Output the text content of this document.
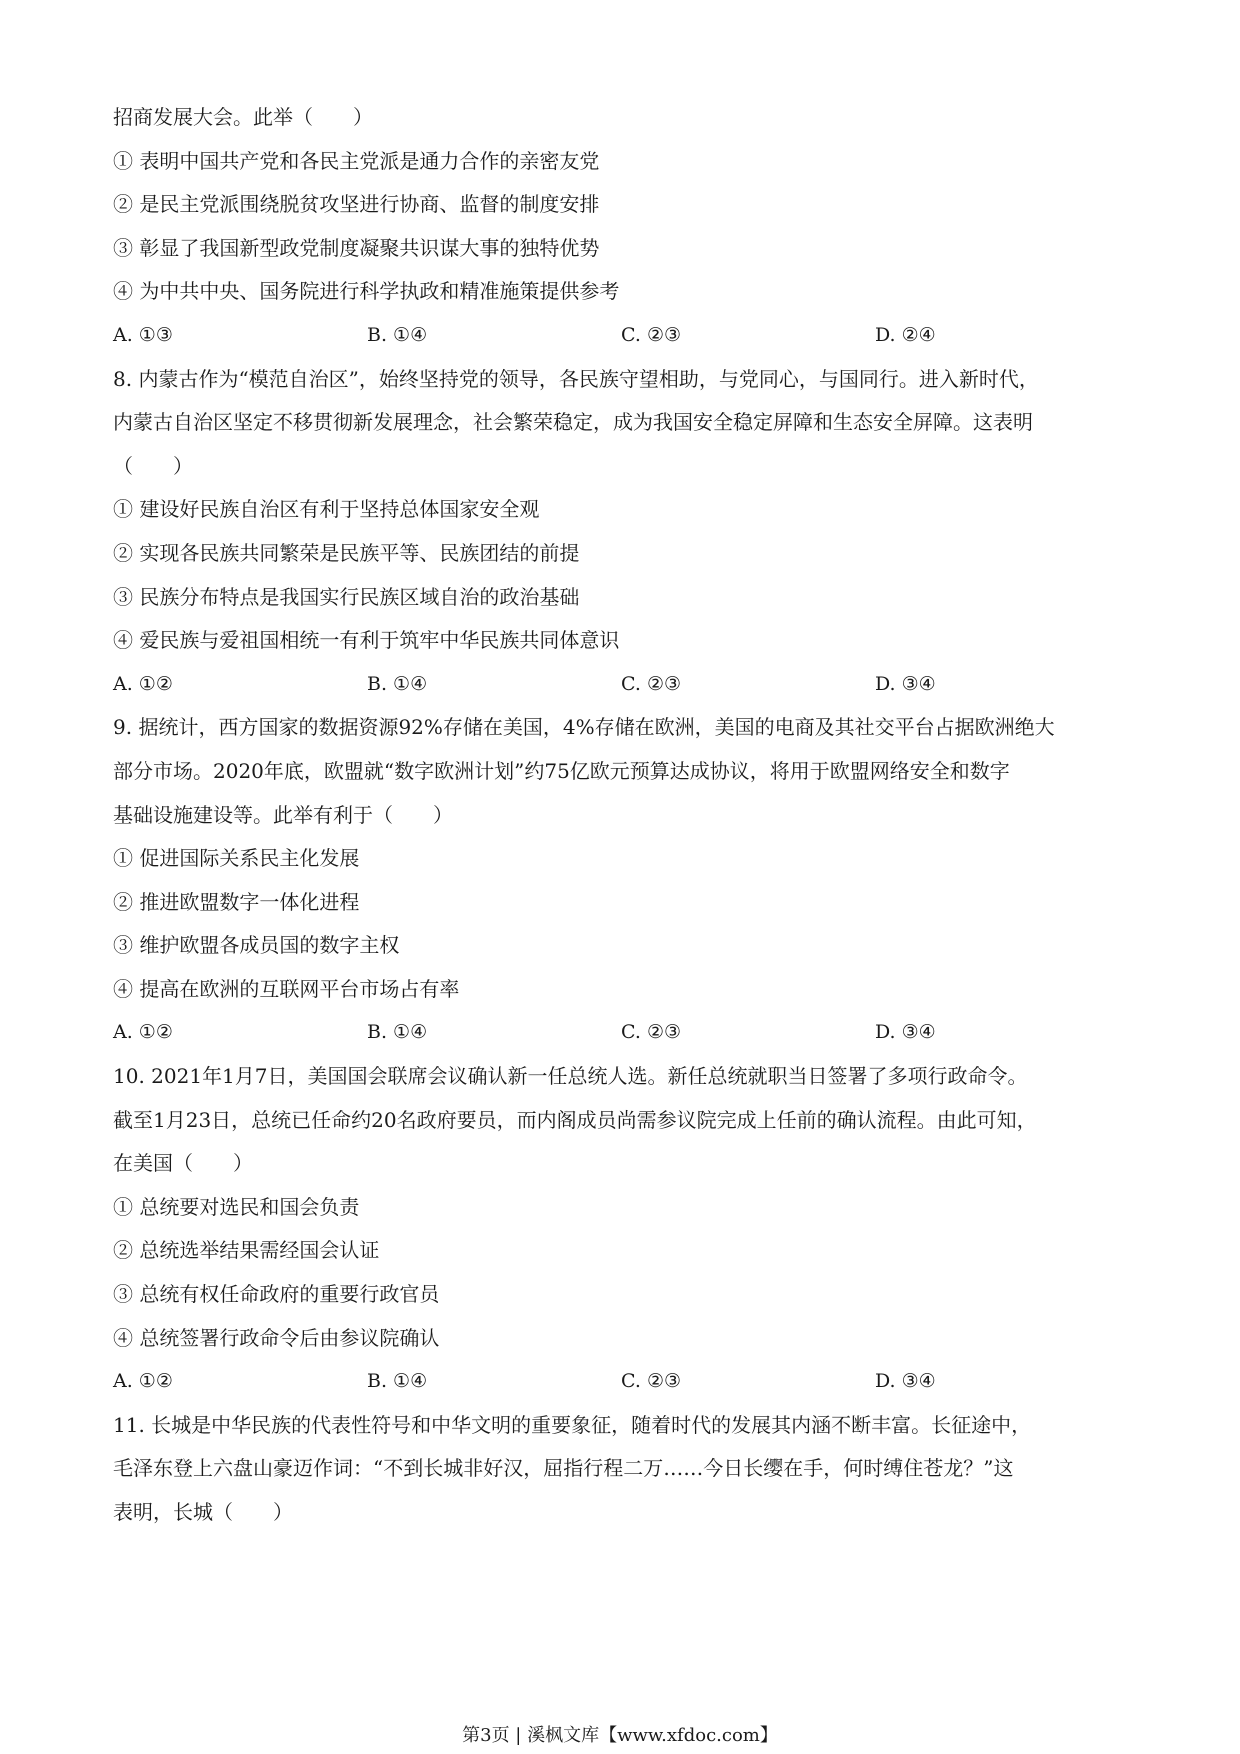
招商发展大会。此举（　　）
① 表明中国共产党和各民主党派是通力合作的亲密友党
② 是民主党派围绕脱贫攻坚进行协商、监督的制度安排
③ 彰显了我国新型政党制度凝聚共识谋大事的独特优势
④ 为中共中央、国务院进行科学执政和精准施策提供参考
A. ①③	B. ①④	C. ②③	D. ②④
8. 内蒙古作为“模范自治区”，始终坚持党的领导，各民族守望相助，与党同心，与国同行。进入新时代，
内蒙古自治区坚定不移贯彻新发展理念，社会繁荣稳定，成为我国安全稳定屏障和生态安全屏障。这表明
（　　）
① 建设好民族自治区有利于坚持总体国家安全观
② 实现各民族共同繁荣是民族平等、民族团结的前提
③ 民族分布特点是我国实行民族区域自治的政治基础
④ 爱民族与爱祖国相统一有利于筑牢中华民族共同体意识
A. ①②	B. ①④	C. ②③	D. ③④
9. 据统计，西方国家的数据资源92%存储在美国，4%存储在欧洲，美国的电商及其社交平台占据欧洲绝大
部分市场。2020年底，欧盟就“数字欧洲计划”约75亿欧元预算达成协议，将用于欧盟网络安全和数字
基础设施建设等。此举有利于（　　）
① 促进国际关系民主化发展
② 推进欧盟数字一体化进程
③ 维护欧盟各成员国的数字主权
④ 提高在欧洲的互联网平台市场占有率
A. ①②	B. ①④	C. ②③	D. ③④
10. 2021年1月7日，美国国会联席会议确认新一任总统人选。新任总统就职当日签署了多项行政命令。
截至1月23日，总统已任命约20名政府要员，而内阁成员尚需参议院完成上任前的确认流程。由此可知，
在美国（　　）
① 总统要对选民和国会负责
② 总统选举结果需经国会认证
③ 总统有权任命政府的重要行政官员
④ 总统签署行政命令后由参议院确认
A. ①②	B. ①④	C. ②③	D. ③④
11. 长城是中华民族的代表性符号和中华文明的重要象征，随着时代的发展其内涵不断丰富。长征途中，
毛泽东登上六盘山豪迈作词：“不到长城非好汉，屈指行程二万……今日长缨在手，何时缚住苍龙？”这
表明，长城（　　）
第3页 | 溪枫文库【www.xfdoc.com】
